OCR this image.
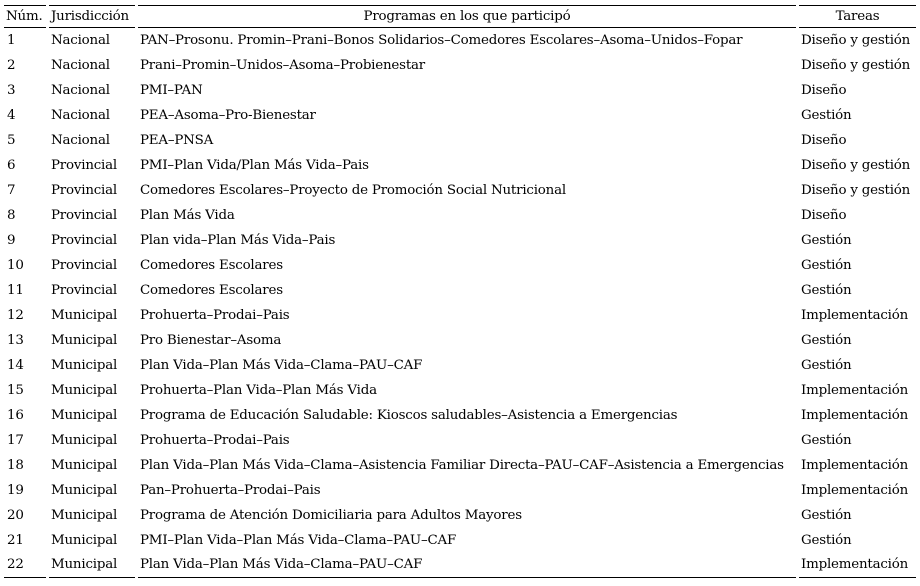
Núm.		Jurisdicción		Programas en los que participó		Tareas
1		Nacional		PAN–Prosonu. Promin–Prani–Bonos Solidarios–Comedores Escolares–Asoma–Unidos–Fopar		Diseño y gestión
2		Nacional		Prani–Promin–Unidos–Asoma–Probienestar		Diseño y gestión
3		Nacional		PMI–PAN		Diseño
4		Nacional		PEA–Asoma–Pro-Bienestar		Gestión
5		Nacional		PEA–PNSA		Diseño
6		Provincial		PMI–Plan Vida/Plan Más Vida–Pais		Diseño y gestión
7		Provincial		Comedores Escolares–Proyecto de Promoción Social Nutricional		Diseño y gestión
8		Provincial		Plan Más Vida		Diseño
9		Provincial		Plan vida–Plan Más Vida–Pais		Gestión
10		Provincial		Comedores Escolares		Gestión
11		Provincial		Comedores Escolares		Gestión
12		Municipal		Prohuerta–Prodai–Pais		Implementación
13		Municipal		Pro Bienestar–Asoma		Gestión
14		Municipal		Plan Vida–Plan Más Vida–Clama–PAU–CAF		Gestión
15		Municipal		Prohuerta–Plan Vida–Plan Más Vida		Implementación
16		Municipal		Programa de Educación Saludable: Kioscos saludables–Asistencia a Emergencias		Implementación
17		Municipal		Prohuerta–Prodai–Pais		Gestión
18		Municipal		Plan Vida–Plan Más Vida–Clama–Asistencia Familiar Directa–PAU–CAF–Asistencia a Emergencias		Implementación
19		Municipal		Pan–Prohuerta–Prodai–Pais		Implementación
20		Municipal		Programa de Atención Domiciliaria para Adultos Mayores		Gestión
21		Municipal		PMI–Plan Vida–Plan Más Vida–Clama–PAU–CAF		Gestión
22		Municipal		Plan Vida–Plan Más Vida–Clama–PAU–CAF		Implementación
